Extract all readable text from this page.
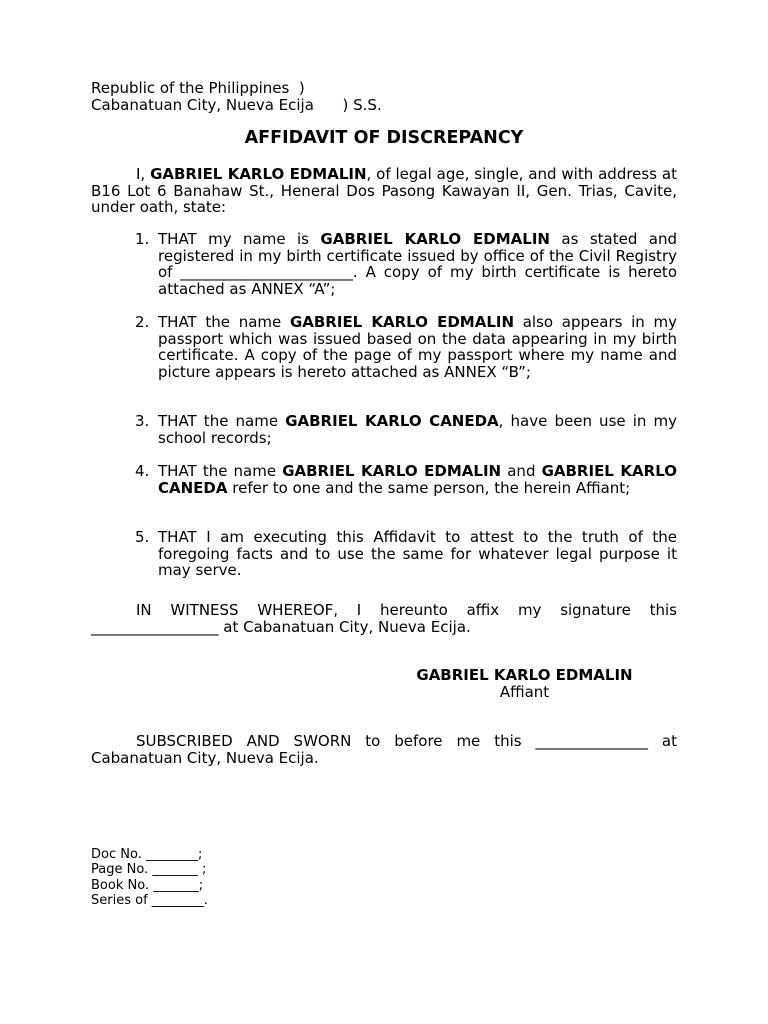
Republic of the Philippines  )
Cabanatuan City, Nueva Ecija      ) S.S.
AFFIDAVIT OF DISCREPANCY
I, GABRIEL KARLO EDMALIN, of legal age, single, and with address at B16 Lot 6 Banahaw St., Heneral Dos Pasong Kawayan II, Gen. Trias, Cavite, under oath, state:
1. THAT my name is GABRIEL KARLO EDMALIN as stated and registered in my birth certificate issued by office of the Civil Registry of _______________________. A copy of my birth certificate is hereto attached as ANNEX “A”;
2. THAT the name GABRIEL KARLO EDMALIN also appears in my passport which was issued based on the data appearing in my birth certificate. A copy of the page of my passport where my name and picture appears is hereto attached as ANNEX “B”;
3. THAT the name GABRIEL KARLO CANEDA, have been use in my school records;
4. THAT the name GABRIEL KARLO EDMALIN and GABRIEL KARLO CANEDA refer to one and the same person, the herein Affiant;
5. THAT I am executing this Affidavit to attest to the truth of the foregoing facts and to use the same for whatever legal purpose it may serve.
IN WITNESS WHEREOF, I hereunto affix my signature this _________________ at Cabanatuan City, Nueva Ecija.
GABRIEL KARLO EDMALIN
Affiant
SUBSCRIBED AND SWORN to before me this _______________ at Cabanatuan City, Nueva Ecija.
Doc No. ________;
Page No. _______ ;
Book No. _______;
Series of ________.
